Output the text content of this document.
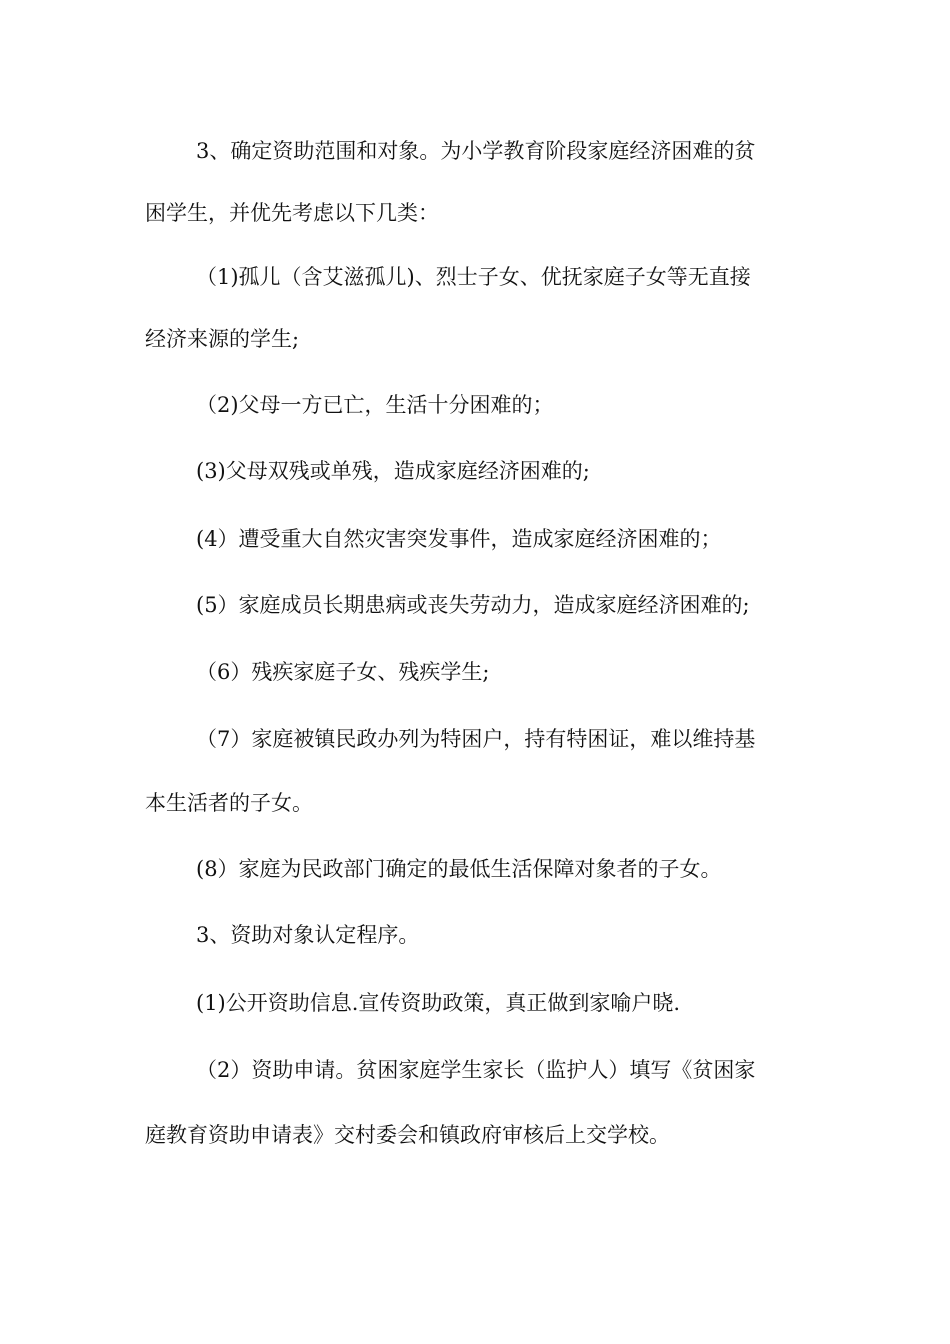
3、确定资助范围和对象。为小学教育阶段家庭经济困难的贫
困学生，并优先考虑以下几类：
（1)孤儿（含艾滋孤儿)、烈士子女、优抚家庭子女等无直接
经济来源的学生;
（2)父母一方已亡，生活十分困难的；
(3)父母双残或单残，造成家庭经济困难的;
(4）遭受重大自然灾害突发事件，造成家庭经济困难的；
(5）家庭成员长期患病或丧失劳动力，造成家庭经济困难的;
（6）残疾家庭子女、残疾学生;
（7）家庭被镇民政办列为特困户，持有特困证，难以维持基
本生活者的子女。
(8）家庭为民政部门确定的最低生活保障对象者的子女。
3、资助对象认定程序。
(1)公开资助信息.宣传资助政策，真正做到家喻户晓.
（2）资助申请。贫困家庭学生家长（监护人）填写《贫困家
庭教育资助申请表》交村委会和镇政府审核后上交学校。
